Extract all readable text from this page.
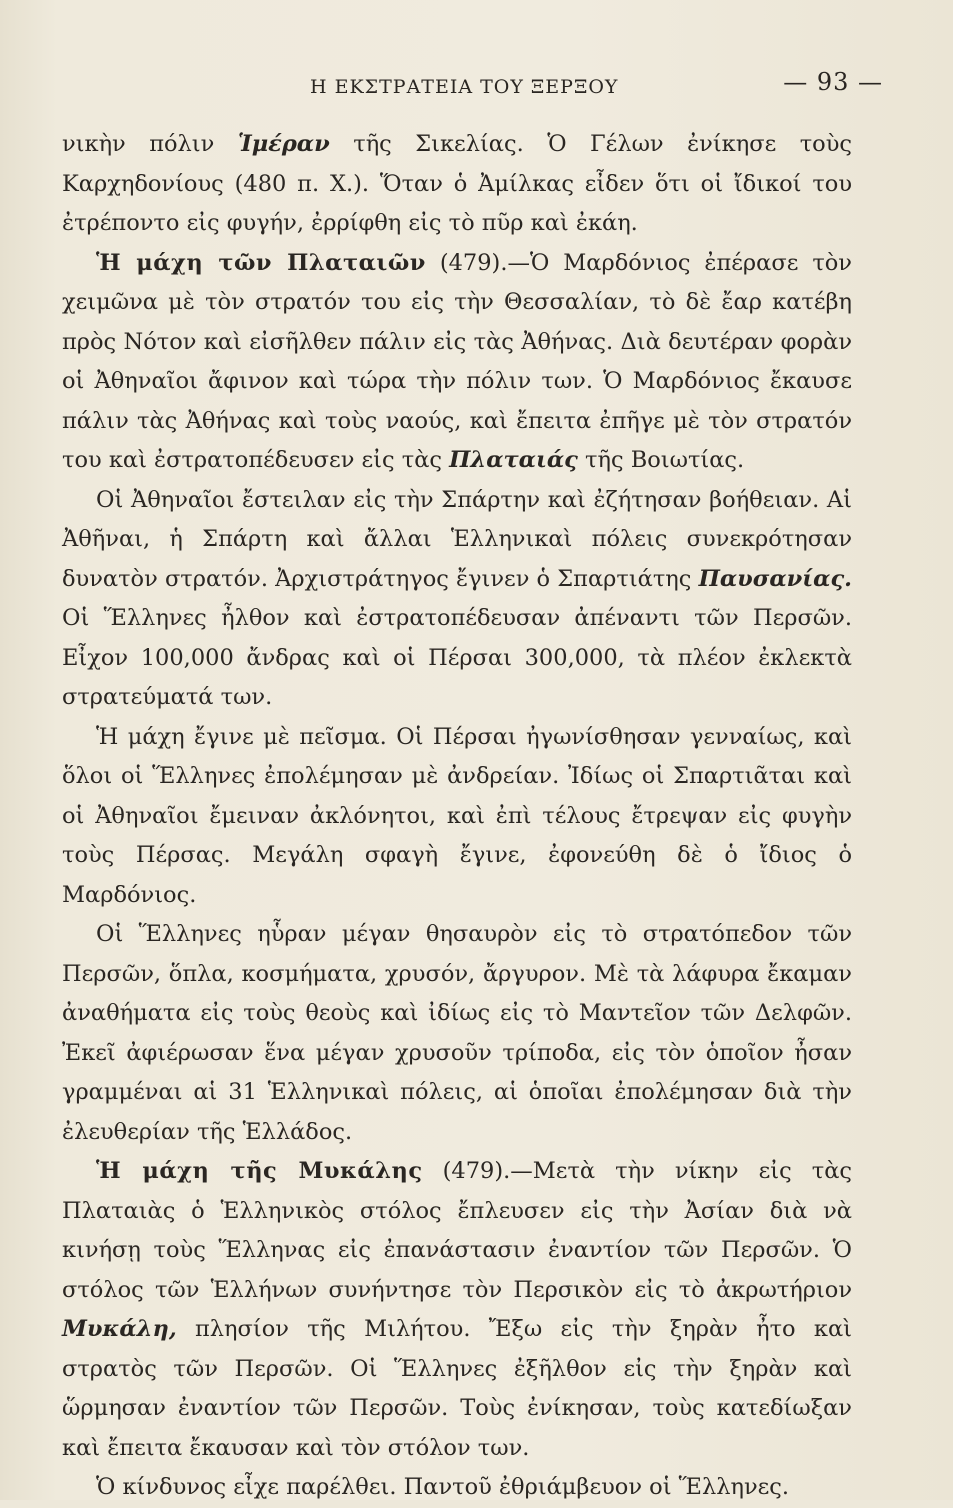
Η ΕΚΣΤΡΑΤΕΙΑ ΤΟΥ ΞΕΡΞΟΥ	— 93 —

νικὴν πόλιν Ἱμέραν τῆς Σικελίας. Ὁ Γέλων ἐνίκησε τοὺς Καρχηδονίους (480 π. Χ.). Ὅταν ὁ Ἀμίλκας εἶδεν ὅτι οἱ ἴδικοί του ἐτρέποντο εἰς φυγήν, ἐρρίφθη εἰς τὸ πῦρ καὶ ἐκάη.

Ἡ μάχη τῶν Πλαταιῶν (479).—Ὁ Μαρδόνιος ἐπέρασε τὸν χειμῶνα μὲ τὸν στρατόν του εἰς τὴν Θεσσαλίαν, τὸ δὲ ἔαρ κατέβη πρὸς Νότον καὶ εἰσῆλθεν πάλιν εἰς τὰς Ἀθήνας. Διὰ δευτέραν φορὰν οἱ Ἀθηναῖοι ἄφινον καὶ τώρα τὴν πόλιν των. Ὁ Μαρδόνιος ἔκαυσε πάλιν τὰς Ἀθήνας καὶ τοὺς ναούς, καὶ ἔπειτα ἐπῆγε μὲ τὸν στρατόν του καὶ ἐστρατοπέδευσεν εἰς τὰς Πλαταιάς τῆς Βοιωτίας.

Οἱ Ἀθηναῖοι ἔστειλαν εἰς τὴν Σπάρτην καὶ ἐζήτησαν βοήθειαν. Αἱ Ἀθῆναι, ἡ Σπάρτη καὶ ἄλλαι Ἑλληνικαὶ πόλεις συνεκρότησαν δυνατὸν στρατόν. Ἀρχιστράτηγος ἔγινεν ὁ Σπαρτιάτης Παυσανίας. Οἱ Ἕλληνες ἦλθον καὶ ἐστρατοπέδευσαν ἀπέναντι τῶν Περσῶν. Εἶχον 100,000 ἄνδρας καὶ οἱ Πέρσαι 300,000, τὰ πλέον ἐκλεκτὰ στρατεύματά των.

Ἡ μάχη ἔγινε μὲ πεῖσμα. Οἱ Πέρσαι ἠγωνίσθησαν γενναίως, καὶ ὅλοι οἱ Ἕλληνες ἐπολέμησαν μὲ ἀνδρείαν. Ἰδίως οἱ Σπαρτιᾶται καὶ οἱ Ἀθηναῖοι ἔμειναν ἀκλόνητοι, καὶ ἐπὶ τέλους ἔτρεψαν εἰς φυγὴν τοὺς Πέρσας. Μεγάλη σφαγὴ ἔγινε, ἐφονεύθη δὲ ὁ ἴδιος ὁ Μαρδόνιος.

Οἱ Ἕλληνες ηὗραν μέγαν θησαυρὸν εἰς τὸ στρατόπεδον τῶν Περσῶν, ὅπλα, κοσμήματα, χρυσόν, ἄργυρον. Μὲ τὰ λάφυρα ἔκαμαν ἀναθήματα εἰς τοὺς θεοὺς καὶ ἰδίως εἰς τὸ Μαντεῖον τῶν Δελφῶν. Ἐκεῖ ἀφιέρωσαν ἕνα μέγαν χρυσοῦν τρίποδα, εἰς τὸν ὁποῖον ἦσαν γραμμέναι αἱ 31 Ἑλληνικαὶ πόλεις, αἱ ὁποῖαι ἐπολέμησαν διὰ τὴν ἐλευθερίαν τῆς Ἑλλάδος.

Ἡ μάχη τῆς Μυκάλης (479).—Μετὰ τὴν νίκην εἰς τὰς Πλαταιὰς ὁ Ἑλληνικὸς στόλος ἔπλευσεν εἰς τὴν Ἀσίαν διὰ νὰ κινήσῃ τοὺς Ἕλληνας εἰς ἐπανάστασιν ἐναντίον τῶν Περσῶν. Ὁ στόλος τῶν Ἑλλήνων συνήντησε τὸν Περσικὸν εἰς τὸ ἀκρωτήριον Μυκάλη, πλησίον τῆς Μιλήτου. Ἔξω εἰς τὴν ξηρὰν ἦτο καὶ στρατὸς τῶν Περσῶν. Οἱ Ἕλληνες ἐξῆλθον εἰς τὴν ξηρὰν καὶ ὥρμησαν ἐναντίον τῶν Περσῶν. Τοὺς ἐνίκησαν, τοὺς κατεδίωξαν καὶ ἔπειτα ἔκαυσαν καὶ τὸν στόλον των.

Ὁ κίνδυνος εἶχε παρέλθει. Παντοῦ ἐθριάμβευον οἱ Ἕλληνες.
